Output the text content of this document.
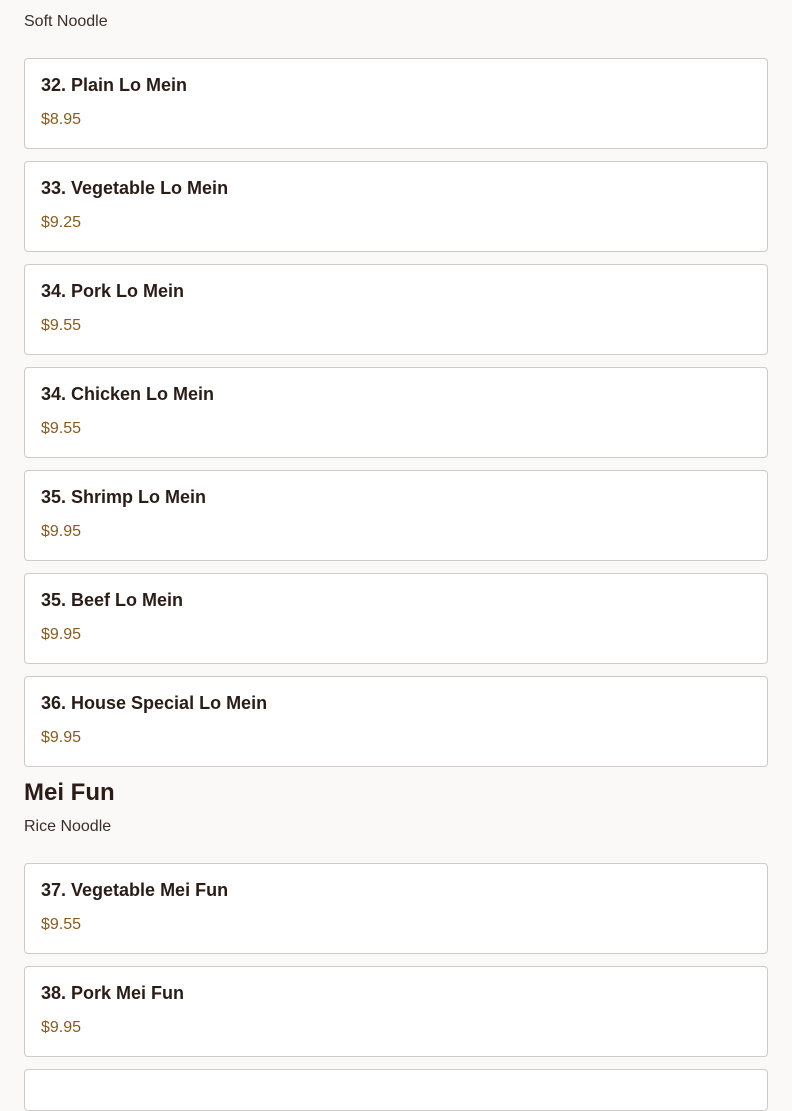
Soft Noodle

32. Plain Lo Mein
$8.95
33. Vegetable Lo Mein
$9.25
34. Pork Lo Mein
$9.55
34. Chicken Lo Mein
$9.55
35. Shrimp Lo Mein
$9.95
35. Beef Lo Mein
$9.95
36. House Special Lo Mein
$9.95
Mei Fun

Rice Noodle

37. Vegetable Mei Fun
$9.55
38. Pork Mei Fun
$9.95
